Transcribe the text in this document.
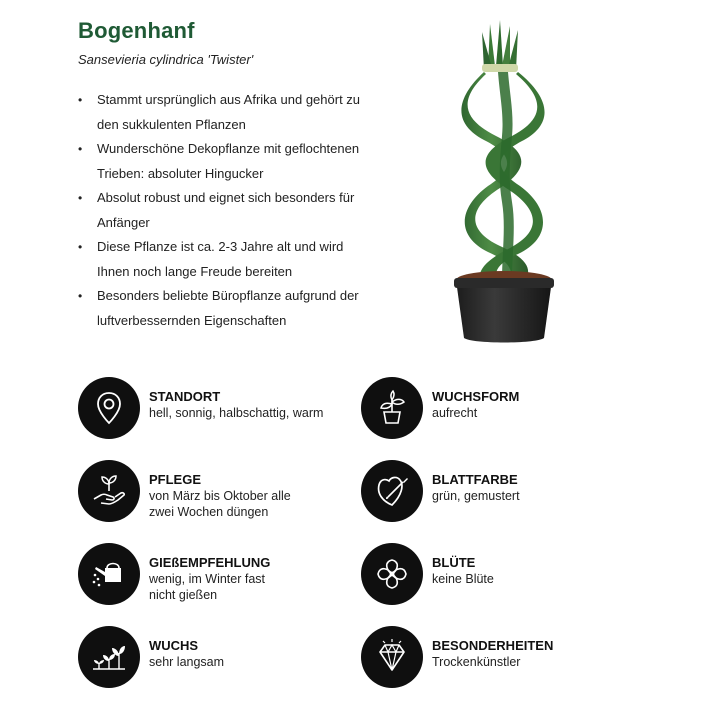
Bogenhanf
Sansevieria cylindrica 'Twister'
• Stammt ursprünglich aus Afrika und gehört zu den sukkulenten Pflanzen
• Wunderschöne Dekopflanze mit geflochtenen Trieben: absoluter Hingucker
• Absolut robust und eignet sich besonders für Anfänger
• Diese Pflanze ist ca. 2-3 Jahre alt und wird Ihnen noch lange Freude bereiten
• Besonders beliebte Büropflanze aufgrund der luftverbessernden Eigenschaften
STANDORT
hell, sonnig, halbschattig, warm
WUCHSFORM
aufrecht
PFLEGE
von März bis Oktober alle
zwei Wochen düngen
BLATTFARBE
grün, gemustert
GIEßEMPFEHLUNG
wenig, im Winter fast
nicht gießen
BLÜTE
keine Blüte
WUCHS
sehr langsam
BESONDERHEITEN
Trockenkünstler
